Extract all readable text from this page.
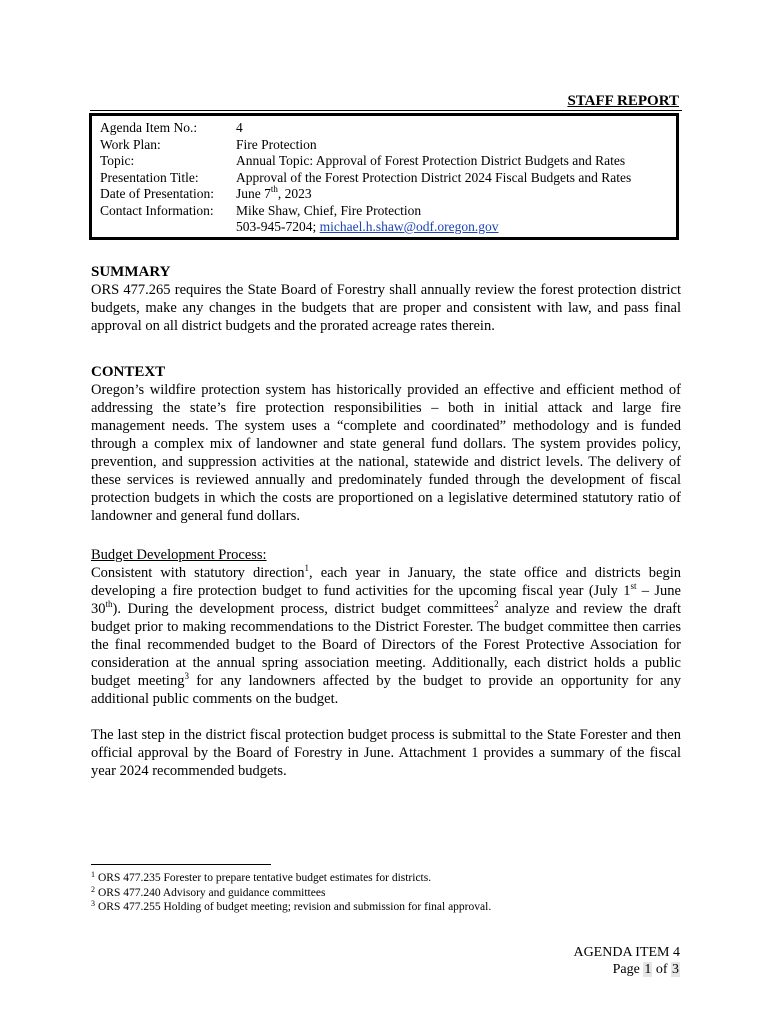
STAFF REPORT
Agenda Item No.:	4
Work Plan:	Fire Protection
Topic:	Annual Topic: Approval of Forest Protection District Budgets and Rates
Presentation Title:	Approval of the Forest Protection District 2024 Fiscal Budgets and Rates
Date of Presentation:	June 7th, 2023
Contact Information:	Mike Shaw, Chief, Fire Protection
503-945-7204; michael.h.shaw@odf.oregon.gov

SUMMARY

ORS 477.265 requires the State Board of Forestry shall annually review the forest protection district budgets, make any changes in the budgets that are proper and consistent with law, and pass final approval on all district budgets and the prorated acreage rates therein.

CONTEXT

Oregon’s wildfire protection system has historically provided an effective and efficient method of addressing the state’s fire protection responsibilities – both in initial attack and large fire management needs. The system uses a “complete and coordinated” methodology and is funded through a complex mix of landowner and state general fund dollars. The system provides policy, prevention, and suppression activities at the national, statewide and district levels. The delivery of these services is reviewed annually and predominately funded through the development of fiscal protection budgets in which the costs are proportioned on a legislative determined statutory ratio of landowner and general fund dollars.

Budget Development Process:

Consistent with statutory direction$^1$, each year in January, the state office and districts begin developing a fire protection budget to fund activities for the upcoming fiscal year (July 1st – June 30th). During the development process, district budget committees$^2$ analyze and review the draft budget prior to making recommendations to the District Forester. The budget committee then carries the final recommended budget to the Board of Directors of the Forest Protective Association for consideration at the annual spring association meeting. Additionally, each district holds a public budget meeting$^3$ for any landowners affected by the budget to provide an opportunity for any additional public comments on the budget.

The last step in the district fiscal protection budget process is submittal to the State Forester and then official approval by the Board of Forestry in June. Attachment 1 provides a summary of the fiscal year 2024 recommended budgets.

$^1$ ORS 477.235 Forester to prepare tentative budget estimates for districts.
$^2$ ORS 477.240 Advisory and guidance committees
$^3$ ORS 477.255 Holding of budget meeting; revision and submission for final approval.
AGENDA ITEM 4
Page 1 of 3
